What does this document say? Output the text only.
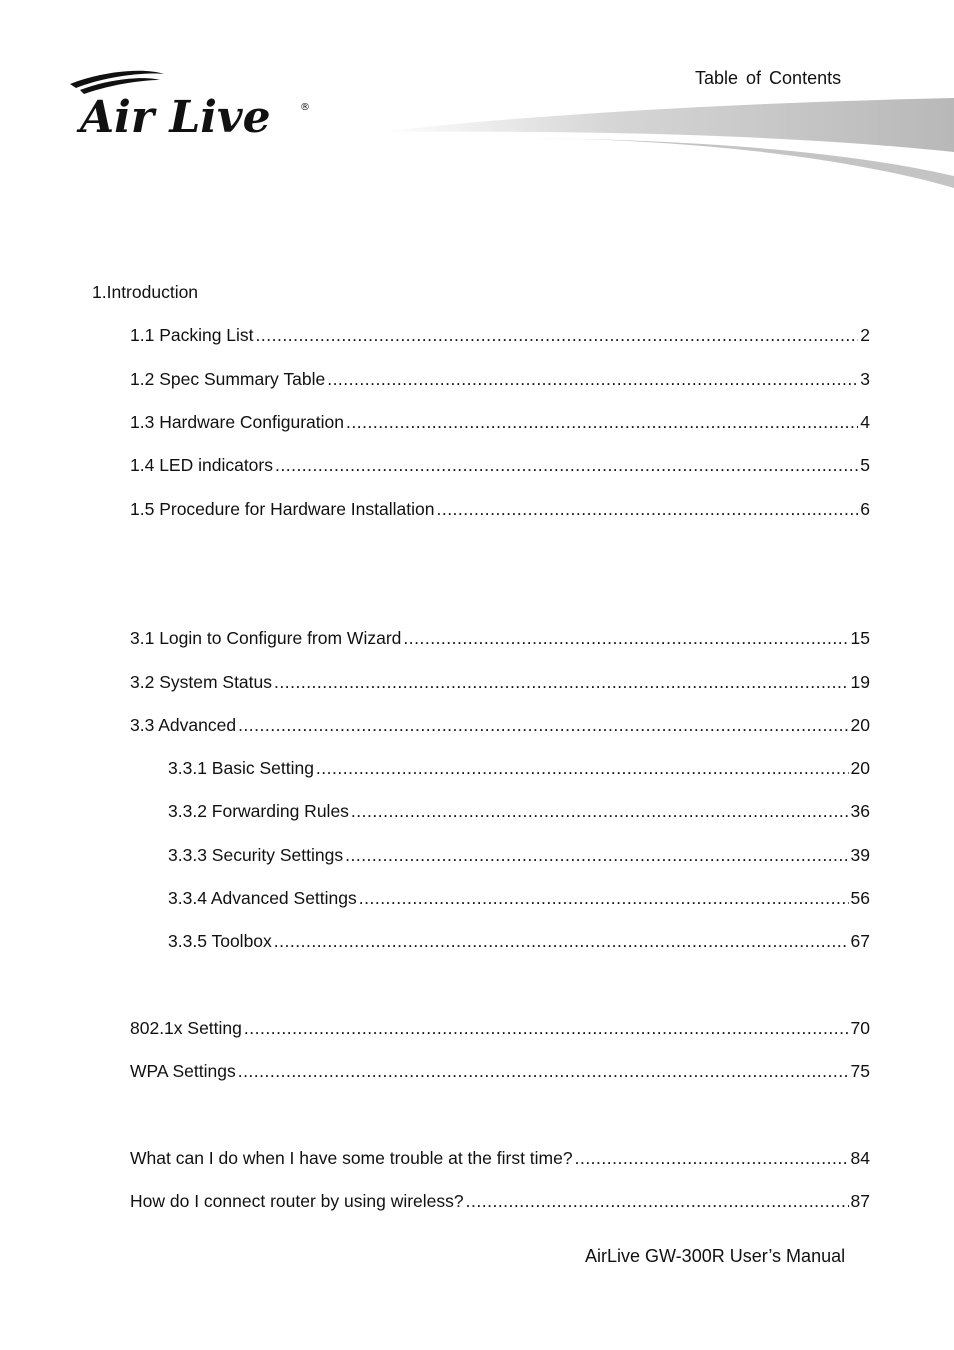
Table of Contents
Air Live	®
1.Introduction
1.1 Packing List .....	2
1.2 Spec Summary Table .....	3
1.3 Hardware Configuration .....	4
1.4 LED indicators .....	5
1.5 Procedure for Hardware Installation .....	6
3.1 Login to Configure from Wizard .....	15
3.2 System Status .....	19
3.3 Advanced .....	20
3.3.1 Basic Setting .....	20
3.3.2 Forwarding Rules .....	36
3.3.3 Security Settings .....	39
3.3.4 Advanced Settings .....	56
3.3.5 Toolbox .....	67
802.1x Setting .....	70
WPA Settings .....	75
What can I do when I have some trouble at the first time? .....	84
How do I connect router by using wireless? .....	87
AirLive GW-300R User’s Manual
